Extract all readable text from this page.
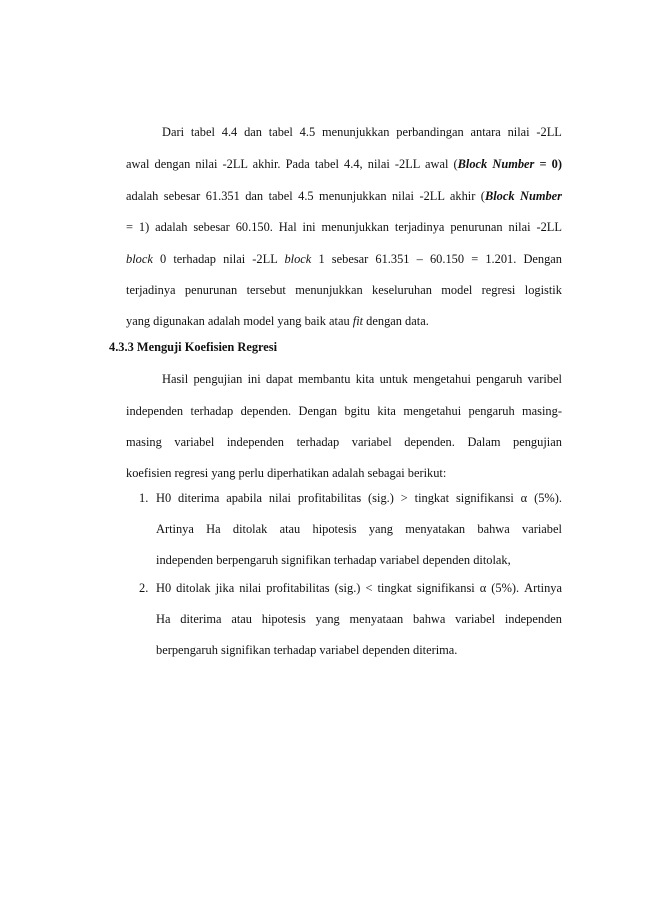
Dari tabel 4.4 dan tabel 4.5 menunjukkan perbandingan antara nilai -2LL
awal dengan nilai -2LL akhir. Pada tabel 4.4, nilai -2LL awal (Block Number = 0)
adalah sebesar 61.351 dan tabel 4.5 menunjukkan nilai -2LL akhir (Block Number
= 1) adalah sebesar 60.150. Hal ini menunjukkan terjadinya penurunan nilai -2LL
block 0 terhadap nilai -2LL block 1 sebesar 61.351 – 60.150 = 1.201. Dengan
terjadinya penurunan tersebut menunjukkan keseluruhan model regresi logistik
yang digunakan adalah model yang baik atau fit dengan data.
4.3.3 Menguji Koefisien Regresi
Hasil pengujian ini dapat membantu kita untuk mengetahui pengaruh varibel
independen terhadap dependen. Dengan bgitu kita mengetahui pengaruh masing-
masing variabel independen terhadap variabel dependen. Dalam pengujian
koefisien regresi yang perlu diperhatikan adalah sebagai berikut:
1. H0 diterima apabila nilai profitabilitas (sig.) > tingkat signifikansi α (5%).
Artinya Ha ditolak atau hipotesis yang menyatakan bahwa variabel
independen berpengaruh signifikan terhadap variabel dependen ditolak,
2. H0 ditolak jika nilai profitabilitas (sig.) < tingkat signifikansi α (5%). Artinya
Ha diterima atau hipotesis yang menyataan bahwa variabel independen
berpengaruh signifikan terhadap variabel dependen diterima.
